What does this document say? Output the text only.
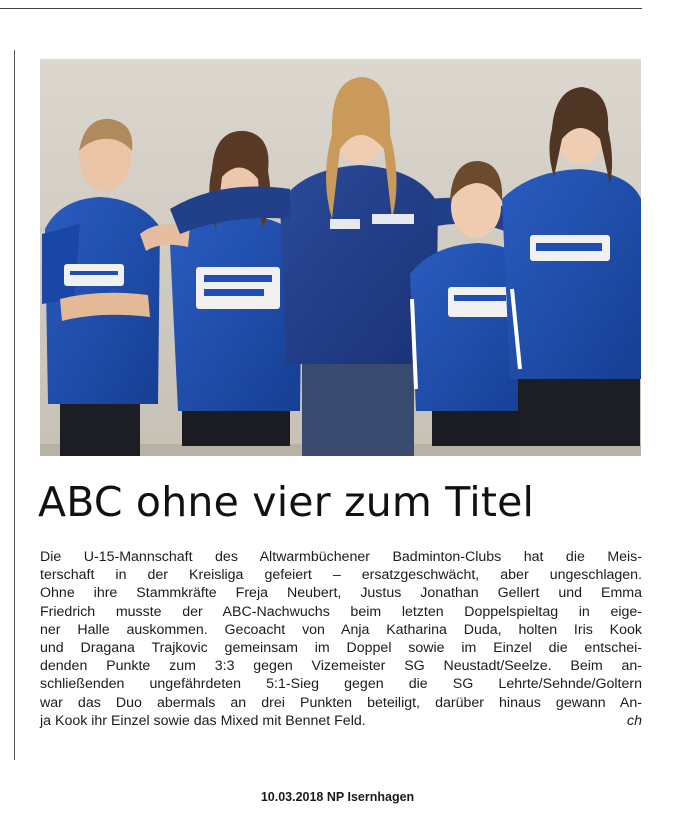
ABC ohne vier zum Titel
Die U-15-Mannschaft des Altwarmbüchener Badminton-Clubs hat die Meis-
terschaft in der Kreisliga gefeiert – ersatzgeschwächt, aber ungeschlagen.
Ohne ihre Stammkräfte Freja Neubert, Justus Jonathan Gellert und Emma
Friedrich musste der ABC-Nachwuchs beim letzten Doppelspieltag in eige-
ner Halle auskommen. Gecoacht von Anja Katharina Duda, holten Iris Kook
und Dragana Trajkovic gemeinsam im Doppel sowie im Einzel die entschei-
denden Punkte zum 3:3 gegen Vizemeister SG Neustadt/Seelze. Beim an-
schließenden ungefährdeten 5:1-Sieg gegen die SG Lehrte/Sehnde/Goltern
war das Duo abermals an drei Punkten beteiligt, darüber hinaus gewann An-
ja Kook ihr Einzel sowie das Mixed mit Bennet Feld.	ch
10.03.2018 NP Isernhagen
